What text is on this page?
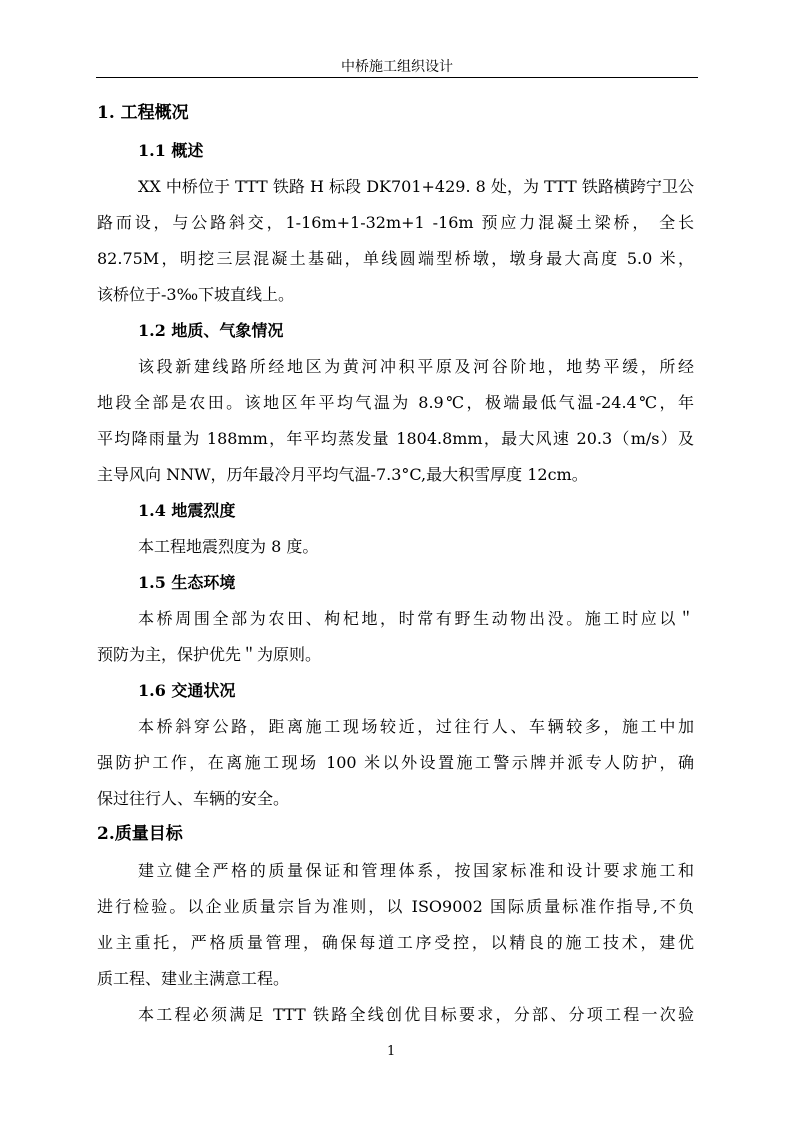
中桥施工组织设计
1. 工程概况
1.1 概述
XX 中桥位于 TTT 铁路 H 标段 DK701+429. 8 处，为 TTT 铁路横跨宁卫公
路而设，与公路斜交，1-16m+1-32m+1 -16m 预应力混凝土梁桥， 全长
82.75M，明挖三层混凝土基础，单线圆端型桥墩，墩身最大高度 5.0 米，
该桥位于-3‰下坡直线上。
1.2 地质、气象情况
该段新建线路所经地区为黄河冲积平原及河谷阶地，地势平缓，所经
地段全部是农田。该地区年平均气温为 8.9℃，极端最低气温-24.4℃，年
平均降雨量为 188mm，年平均蒸发量 1804.8mm，最大风速 20.3（m/s）及
主导风向 NNW，历年最冷月平均气温-7.3°C,最大积雪厚度 12cm。
1.4 地震烈度
本工程地震烈度为 8 度。
1.5 生态环境
本桥周围全部为农田、枸杞地，时常有野生动物出没。施工时应以＂
预防为主，保护优先＂为原则。
1.6 交通状况
本桥斜穿公路，距离施工现场较近，过往行人、车辆较多，施工中加
强防护工作，在离施工现场 100 米以外设置施工警示牌并派专人防护，确
保过往行人、车辆的安全。
2.质量目标
建立健全严格的质量保证和管理体系，按国家标准和设计要求施工和
进行检验。以企业质量宗旨为准则，以 ISO9002 国际质量标准作指导,不负
业主重托，严格质量管理，确保每道工序受控，以精良的施工技术，建优
质工程、建业主满意工程。
本工程必须满足 TTT 铁路全线创优目标要求，分部、分项工程一次验
1
